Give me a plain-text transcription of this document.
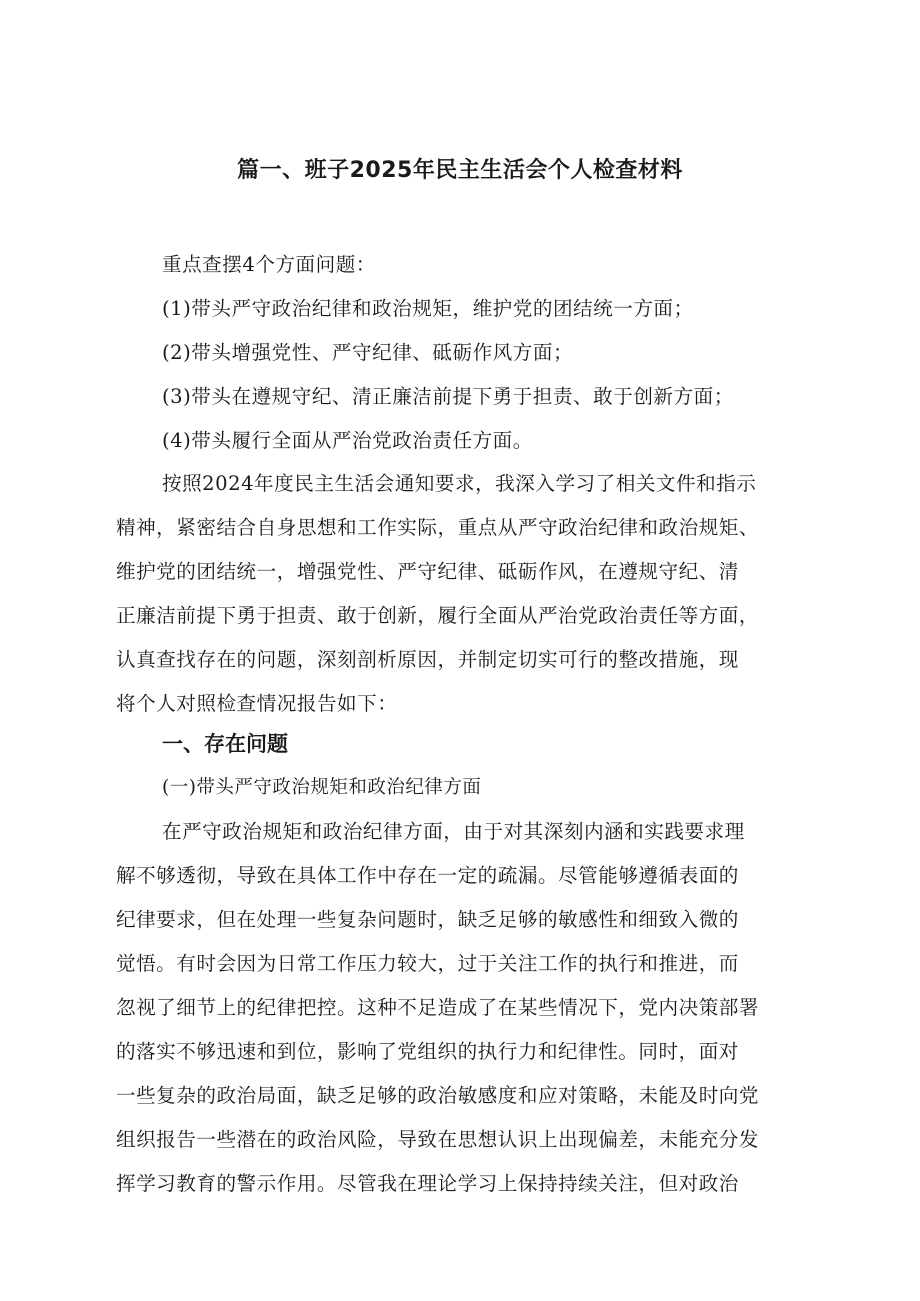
篇一、班子2025年民主生活会个人检查材料
重点查摆4个方面问题：
(1)带头严守政治纪律和政治规矩，维护党的团结统一方面；
(2)带头增强党性、严守纪律、砥砺作风方面；
(3)带头在遵规守纪、清正廉洁前提下勇于担责、敢于创新方面；
(4)带头履行全面从严治党政治责任方面。
按照2024年度民主生活会通知要求，我深入学习了相关文件和指示
精神，紧密结合自身思想和工作实际，重点从严守政治纪律和政治规矩、
维护党的团结统一，增强党性、严守纪律、砥砺作风，在遵规守纪、清
正廉洁前提下勇于担责、敢于创新，履行全面从严治党政治责任等方面，
认真查找存在的问题，深刻剖析原因，并制定切实可行的整改措施，现
将个人对照检查情况报告如下：
一、存在问题
(一)带头严守政治规矩和政治纪律方面
在严守政治规矩和政治纪律方面，由于对其深刻内涵和实践要求理
解不够透彻，导致在具体工作中存在一定的疏漏。尽管能够遵循表面的
纪律要求，但在处理一些复杂问题时，缺乏足够的敏感性和细致入微的
觉悟。有时会因为日常工作压力较大，过于关注工作的执行和推进，而
忽视了细节上的纪律把控。这种不足造成了在某些情况下，党内决策部署
的落实不够迅速和到位，影响了党组织的执行力和纪律性。同时，面对
一些复杂的政治局面，缺乏足够的政治敏感度和应对策略，未能及时向党
组织报告一些潜在的政治风险，导致在思想认识上出现偏差，未能充分发
挥学习教育的警示作用。尽管我在理论学习上保持持续关注，但对政治
